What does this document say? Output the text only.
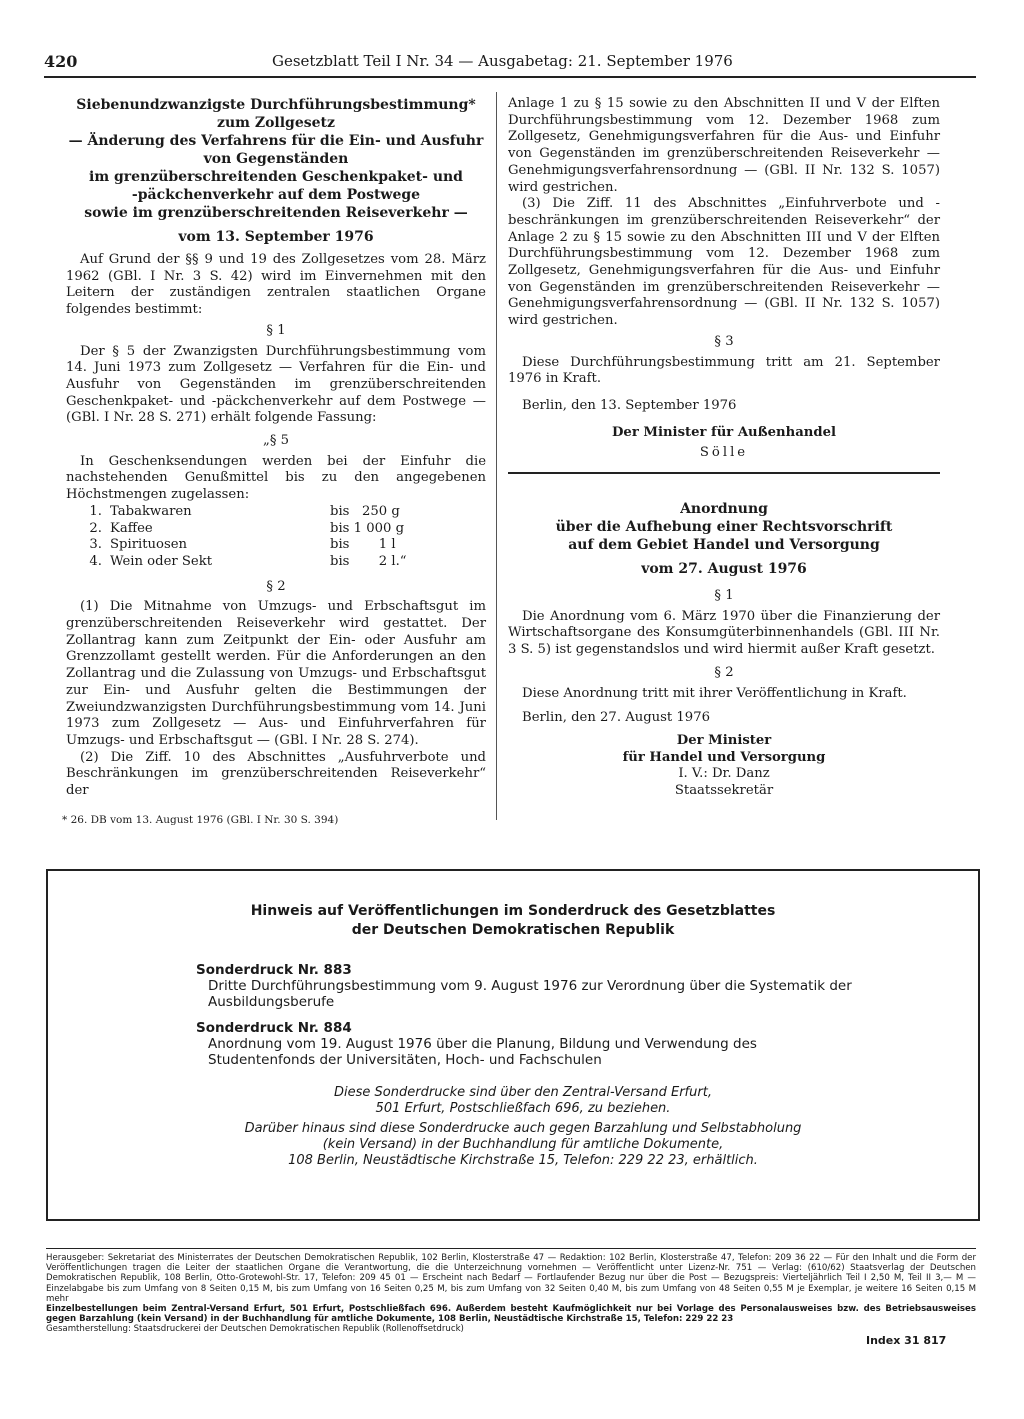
420	Gesetzblatt Teil I Nr. 34 — Ausgabetag: 21. September 1976
Siebenundzwanzigste Durchführungsbestimmung*
zum Zollgesetz
— Änderung des Verfahrens für die Ein- und Ausfuhr
von Gegenständen
im grenzüberschreitenden Geschenkpaket- und
-päckchenverkehr auf dem Postwege
sowie im grenzüberschreitenden Reiseverkehr —
vom 13. September 1976

Auf Grund der §§ 9 und 19 des Zollgesetzes vom 28. März 1962 (GBl. I Nr. 3 S. 42) wird im Einvernehmen mit den Leitern der zuständigen zentralen staatlichen Organe folgendes bestimmt:

§ 1

Der § 5 der Zwanzigsten Durchführungsbestimmung vom 14. Juni 1973 zum Zollgesetz — Verfahren für die Ein- und Ausfuhr von Gegenständen im grenzüberschreitenden Geschenkpaket- und -päckchenverkehr auf dem Postwege — (GBl. I Nr. 28 S. 271) erhält folgende Fassung:

„§ 5

In Geschenksendungen werden bei der Einfuhr die nachstehenden Genußmittel bis zu den angegebenen Höchstmengen zugelassen:

1. Tabakwaren	bis   250 g
2. Kaffee	bis 1 000 g
3. Spirituosen	bis       1 l
4. Wein oder Sekt	bis       2 l.“

§ 2

(1) Die Mitnahme von Umzugs- und Erbschaftsgut im grenzüberschreitenden Reiseverkehr wird gestattet. Der Zollantrag kann zum Zeitpunkt der Ein- oder Ausfuhr am Grenzzollamt gestellt werden. Für die Anforderungen an den Zollantrag und die Zulassung von Umzugs- und Erbschaftsgut zur Ein- und Ausfuhr gelten die Bestimmungen der Zweiundzwanzigsten Durchführungsbestimmung vom 14. Juni 1973 zum Zollgesetz — Aus- und Einfuhrverfahren für Umzugs- und Erbschaftsgut — (GBl. I Nr. 28 S. 274).

(2) Die Ziff. 10 des Abschnittes „Ausfuhrverbote und Beschränkungen im grenzüberschreitenden Reiseverkehr“ der

* 26. DB vom 13. August 1976 (GBl. I Nr. 30 S. 394)

Anlage 1 zu § 15 sowie zu den Abschnitten II und V der Elften Durchführungsbestimmung vom 12. Dezember 1968 zum Zollgesetz, Genehmigungsverfahren für die Aus- und Einfuhr von Gegenständen im grenzüberschreitenden Reiseverkehr — Genehmigungsverfahrensordnung — (GBl. II Nr. 132 S. 1057) wird gestrichen.

(3) Die Ziff. 11 des Abschnittes „Einfuhrverbote und -beschränkungen im grenzüberschreitenden Reiseverkehr“ der Anlage 2 zu § 15 sowie zu den Abschnitten III und V der Elften Durchführungsbestimmung vom 12. Dezember 1968 zum Zollgesetz, Genehmigungsverfahren für die Aus- und Einfuhr von Gegenständen im grenzüberschreitenden Reiseverkehr — Genehmigungsverfahrensordnung — (GBl. II Nr. 132 S. 1057) wird gestrichen.

§ 3

Diese Durchführungsbestimmung tritt am 21. September 1976 in Kraft.

Berlin, den 13. September 1976

Der Minister für Außenhandel

Sölle

Anordnung
über die Aufhebung einer Rechtsvorschrift
auf dem Gebiet Handel und Versorgung
vom 27. August 1976

§ 1

Die Anordnung vom 6. März 1970 über die Finanzierung der Wirtschaftsorgane des Konsumgüterbinnenhandels (GBl. III Nr. 3 S. 5) ist gegenstandslos und wird hiermit außer Kraft gesetzt.

§ 2

Diese Anordnung tritt mit ihrer Veröffentlichung in Kraft.

Berlin, den 27. August 1976

Der Minister

für Handel und Versorgung

I. V.: Dr. Danz

Staatssekretär

Hinweis auf Veröffentlichungen im Sonderdruck des Gesetzblattes
der Deutschen Demokratischen Republik
Sonderdruck Nr. 883
Dritte Durchführungsbestimmung vom 9. August 1976 zur Verordnung über die Systematik der Ausbildungsberufe
Sonderdruck Nr. 884
Anordnung vom 19. August 1976 über die Planung, Bildung und Verwendung des Studentenfonds der Universitäten, Hoch- und Fachschulen
Diese Sonderdrucke sind über den Zentral-Versand Erfurt,
501 Erfurt, Postschließfach 696, zu beziehen.
Darüber hinaus sind diese Sonderdrucke auch gegen Barzahlung und Selbstabholung
(kein Versand) in der Buchhandlung für amtliche Dokumente,
108 Berlin, Neustädtische Kirchstraße 15, Telefon: 229 22 23, erhältlich.

Herausgeber: Sekretariat des Ministerrates der Deutschen Demokratischen Republik, 102 Berlin, Klosterstraße 47 — Redaktion: 102 Berlin, Klosterstraße 47, Telefon: 209 36 22 — Für den Inhalt und die Form der Veröffentlichungen tragen die Leiter der staatlichen Organe die Verantwortung, die die Unterzeichnung vornehmen — Veröffentlicht unter Lizenz-Nr. 751 — Verlag: (610/62) Staatsverlag der Deutschen Demokratischen Republik, 108 Berlin, Otto-Grotewohl-Str. 17, Telefon: 209 45 01 — Erscheint nach Bedarf — Fortlaufender Bezug nur über die Post — Bezugspreis: Vierteljährlich Teil I 2,50 M, Teil II 3,— M — Einzelabgabe bis zum Umfang von 8 Seiten 0,15 M, bis zum Umfang von 16 Seiten 0,25 M, bis zum Umfang von 32 Seiten 0,40 M, bis zum Umfang von 48 Seiten 0,55 M je Exemplar, je weitere 16 Seiten 0,15 M mehr

Einzelbestellungen beim Zentral-Versand Erfurt, 501 Erfurt, Postschließfach 696. Außerdem besteht Kaufmöglichkeit nur bei Vorlage des Personalausweises bzw. des Betriebsausweises gegen Barzahlung (kein Versand) in der Buchhandlung für amtliche Dokumente, 108 Berlin, Neustädtische Kirchstraße 15, Telefon: 229 22 23

Gesamtherstellung: Staatsdruckerei der Deutschen Demokratischen Republik (Rollenoffsetdruck)

Index 31 817
